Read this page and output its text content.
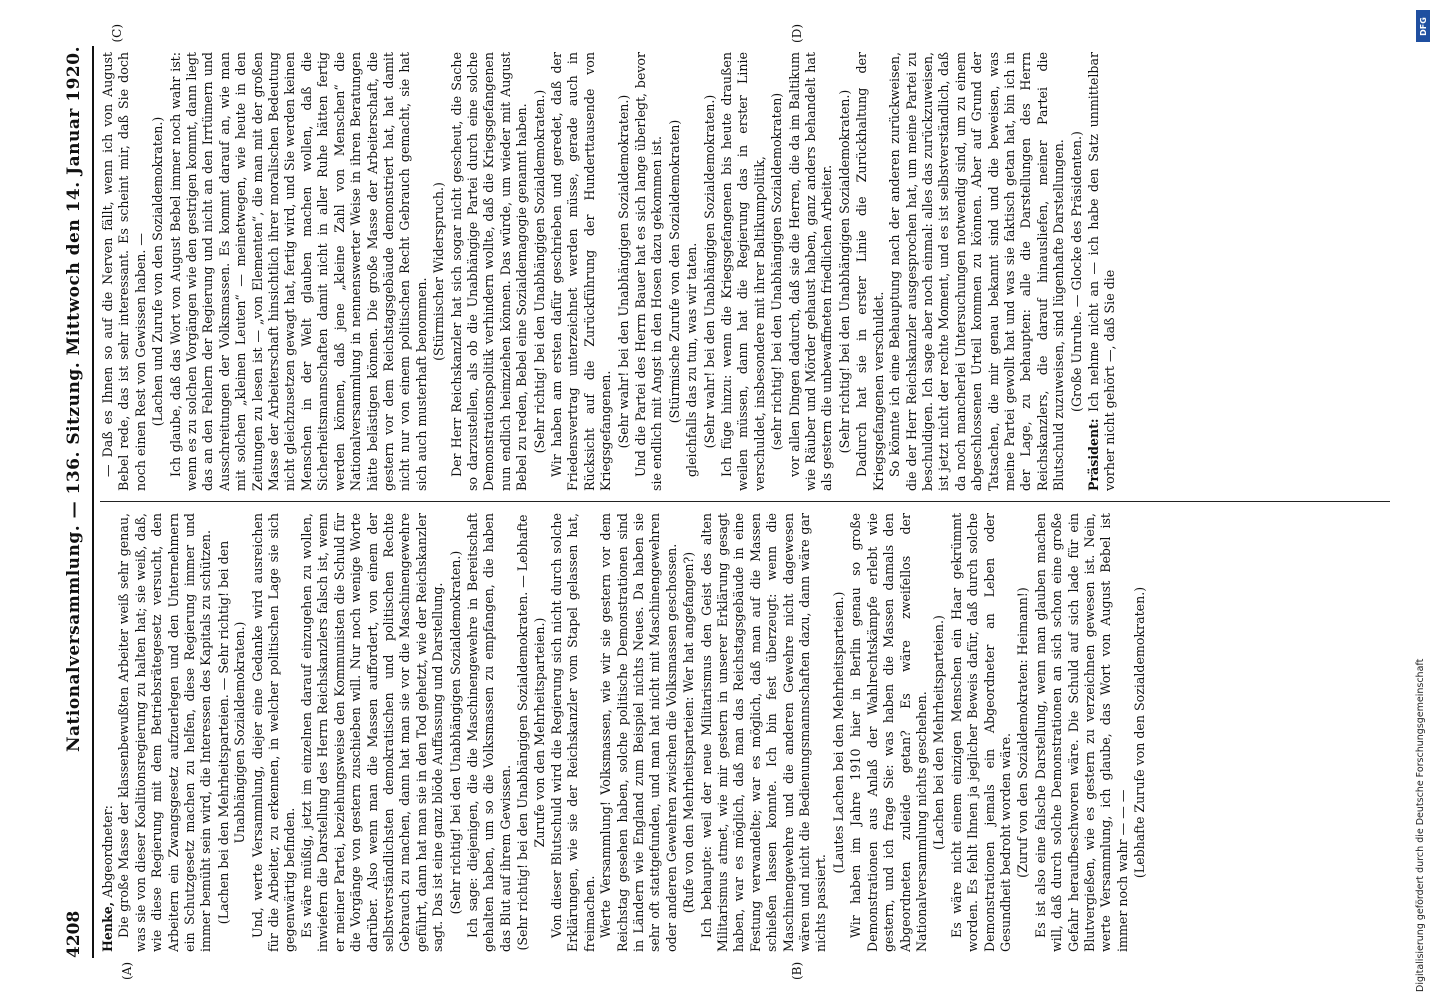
4208
Nationalversammlung. — 136. Sitzung. Mittwoch den 14. Januar 1920.

Henke, Abgeordneter: Die große Masse der klassenbewußten Arbeiter weiß sehr genau, was sie von dieser Koalitionsregierung zu halten hat; sie weiß, daß, wie diese Regierung mit dem Betriebsrätegesetz versucht, den Arbeitern ein Zwangsgesetz aufzuerlegen und den Unternehmern ein Schutzgesetz machen zu helfen, diese Regierung immer und immer bemüht sein wird, die Interessen des Kapitals zu schützen. (Lachen bei den Mehrheitsparteien. — Sehr richtig! bei den Unabhängigen Sozialdemokraten.) Und, werte Versammlung, diejer eine Gedanke wird ausreichen für die Arbeiter, zu erkennen, in welcher politischen Lage sie sich gegenwärtig befinden. Es wäre müßig, jetzt im einzelnen darauf einzugehen zu wollen, inwiefern die Darstellung des Herrn Reichskanzlers falsch ist, wenn er meiner Partei, beziehungsweise den Kommunisten die Schuld für die Vorgänge von gestern zuschieben will. Nur noch wenige Worte darüber. Also wenn man die Massen auffordert, von einem der selbstverständlichsten demokratischen und politischen Rechte Gebrauch zu machen, dann hat man sie vor die Maschinengewehre geführt, dann hat man sie in den Tod gehetzt, wie der Reichskanzler sagt. Das ist eine ganz blöde Auffassung und Darstellung. (Sehr richtig! bei den Unabhängigen Sozialdemokraten.) Ich sage: diejenigen, die die Maschinengewehre in Bereitschaft gehalten haben, um so die Volksmassen zu empfangen, die haben das Blut auf ihrem Gewissen. (Sehr richtig! bei den Unabhängigen Sozialdemokraten. — Lebhafte Zurufe von den Mehrheitsparteien.) Von dieser Blutschuld wird die Regierung sich nicht durch solche Erklärungen, wie sie der Reichskanzler vom Stapel gelassen hat, freimachen. Werte Versammlung! Volksmassen, wie wir sie gestern vor dem Reichstag gesehen haben, solche politische Demonstrationen sind in Ländern wie England zum Beispiel nichts Neues. Da haben sie sehr oft stattgefunden, und man hat nicht mit Maschinengewehren oder anderen Gewehren zwischen die Volksmassen geschossen. (Rufe von den Mehrheitsparteien: Wer hat angefangen?) Ich behaupte: weil der neue Militarismus den Geist des alten Militarismus atmet, wie mir gestern in unserer Erklärung gesagt haben, war es möglich, daß man das Reichstagsgebäude in eine Festung verwandelte; war es möglich, daß man auf die Massen schießen lassen konnte. Ich bin fest überzeugt: wenn die Maschinengewehre und die anderen Gewehre nicht dagewesen wären und nicht die Bedienungsmannschaften dazu, dann wäre gar nichts passiert.

(Lautes Lachen bei den Mehrheitsparteien.) Wir haben im Jahre 1910 hier in Berlin genau so große Demonstrationen aus Anlaß der Wahlrechtskämpfe erlebt wie gestern, und ich frage Sie: was haben die Massen damals den Abgeordneten zuleide getan? Es wäre zweifellos der Nationalversammlung nichts geschehen. (Lachen bei den Mehrheitsparteien.) Es wäre nicht einem einzigen Menschen ein Haar gekrümmt worden. Es fehlt Ihnen ja jeglicher Beweis dafür, daß durch solche Demonstrationen jemals ein Abgeordneter an Leben oder Gesundheit bedroht worden wäre. (Zuruf von den Sozialdemokraten: Heimann!) Es ist also eine falsche Darstellung, wenn man glauben machen will, daß durch solche Demonstrationen an sich schon eine große Gefahr heraufbeschworen wäre. Die Schuld auf sich lade für ein Blutvergießen, wie es gestern zu verzeichnen gewesen ist. Nein, werte Versammlung, ich glaube, das Wort von August Bebel ist immer noch wahr — — — (Lebhafte Zurufe von den Sozialdemokraten.)

— Daß es Ihnen so auf die Nerven fällt, wenn ich von August Bebel rede, das ist sehr interessant. Es scheint mir, daß Sie doch noch einen Rest von Gewissen haben. — (Lachen und Zurufe von den Sozialdemokraten.) Ich glaube, daß das Wort von August Bebel immer noch wahr ist: wenn es zu solchen Vorgängen wie den gestrigen kommt, dann liegt das an den Fehlern der Regierung und nicht an den Irrtümern und Ausschreitungen der Volksmassen. Es kommt darauf an, wie man mit solchen „kleinen Leuten“ — meinetwegen, wie heute in den Zeitungen zu lesen ist — „von Elementen“, die man mit der großen Masse der Arbeiterschaft hinsichtlich ihrer moralischen Bedeutung nicht gleichzusetzen gewagt hat, fertig wird, und Sie werden keinen Menschen in der Welt glauben machen wollen, daß die Sicherheitsmannschaften damit nicht in aller Ruhe hätten fertig werden können, daß jene „kleine Zahl von Menschen“ die Nationalversammlung in nennenswerter Weise in ihren Beratungen hätte belästigen können. Die große Masse der Arbeiterschaft, die gestern vor dem Reichstagsgebäude demonstriert hat, hat damit nicht nur von einem politischen Recht Gebrauch gemacht, sie hat sich auch musterhaft benommen.

(Stürmischer Widerspruch.) Der Herr Reichskanzler hat sich sogar nicht gescheut, die Sache so darzustellen, als ob die Unabhängige Partei durch eine solche Demonstrationspolitik verhindern wollte, daß die Kriegsgefangenen nun endlich heimziehen können. Das würde, um wieder mit August Bebel zu reden, Bebel eine Sozialdemagogie genannt haben. (Sehr richtig! bei den Unabhängigen Sozialdemokraten.) Wir haben am ersten dafür geschrieben und geredet, daß der Friedensvertrag unterzeichnet werden müsse, gerade auch in Rücksicht auf die Zurückführung der Hunderttausende von Kriegsgefangenen. (Sehr wahr! bei den Unabhängigen Sozialdemokraten.) Und die Partei des Herrn Bauer hat es sich lange überlegt, bevor sie endlich mit Angst in den Hosen dazu gekommen ist. (Stürmische Zurufe von den Sozialdemokraten) gleichfalls das zu tun, was wir taten. (Sehr wahr! bei den Unabhängigen Sozialdemokraten.) Ich füge hinzu: wenn die Kriegsgefangenen bis heute draußen weilen müssen, dann hat die Regierung das in erster Linie verschuldet, insbesondere mit ihrer Baltikumpolitik, (sehr richtig! bei den Unabhängigen Sozialdemokraten) vor allen Dingen dadurch, daß sie die Herren, die da im Baltikum wie Räuber und Mörder gehaust haben, ganz anders behandelt hat als gestern die unbewaffneten friedlichen Arbeiter. (Sehr richtig! bei den Unabhängigen Sozialdemokraten.) Dadurch hat sie in erster Linie die Zurückhaltung der Kriegsgefangenen verschuldet. So könnte ich eine Behauptung nach der anderen zurückweisen, die der Herr Reichskanzler ausgesprochen hat, um meine Partei zu beschuldigen. Ich sage aber noch einmal: alles das zurückzuweisen, ist jetzt nicht der rechte Moment, und es ist selbstverständlich, daß da noch mancherlei Untersuchungen notwendig sind, um zu einem abgeschlossenen Urteil kommen zu können. Aber auf Grund der Tatsachen, die mir genau bekannt sind und die beweisen, was meine Partei gewollt hat und was sie faktisch getan hat, bin ich in der Lage, zu behaupten: alle die Darstellungen des Herrn Reichskanzlers, die darauf hinausliefen, meiner Partei die Blutschuld zuzuweisen, sind lügenhafte Darstellungen. (Große Unruhe. — Glocke des Präsidenten.)

Präsident: Ich nehme nicht an — ich habe den Satz unmittelbar vorher nicht gehört —, daß Sie die

(A)	(B)
(C)	(D)	DFG
Digitalisierung gefördert durch die Deutsche Forschungsgemeinschaft
